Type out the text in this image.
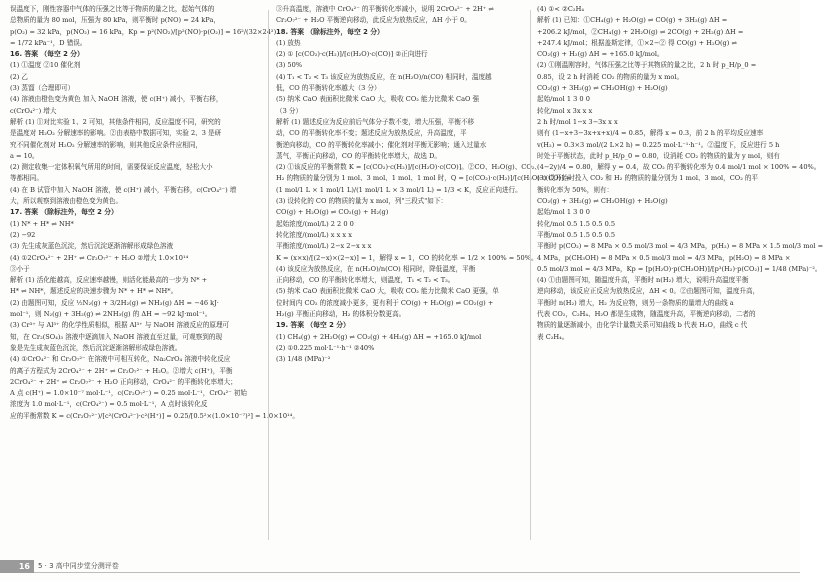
误温度下，刚性容器中气体的压强之比等于物质的量之比，起始气体的

总物质的量为 80 mol，压强为 80 kPa，则平衡时 p(NO) = 24 kPa，

p(O₂) = 32 kPa，p(NO₂) = 16 kPa，Kp = p²(NO₂)/[p²(NO)·p(O₂)] = 16²/(32×24²)

= 1/72 kPa⁻¹，D 错误。

16. 答案 （每空 2 分）

(1) ①温度 ②10 催化剂

(2) 乙

(3) 蒸馏（合理即可）

(4) 溶液由橙色变为黄色 加入 NaOH 溶液，使 c(H⁺) 减小，平衡右移，

c(CrO₄²⁻) 增大

解析 (1) ①对比实验 1、2 可知，其他条件相同，反应温度不同，研究的

是温度对 H₂O₂ 分解速率的影响。②由表格中数据可知，实验 2、3 是研

究不同催化剂对 H₂O₂ 分解速率的影响，则其他反应条件应相同，

a = 10。

(2) 测定收集一定体积氧气所用的时间，需要保证反应温度，轻松大小

等都相同。

(4) 在 B 试管中加入 NaOH 溶液，使 c(H⁺) 减小，平衡右移，c(CrO₄²⁻) 增

大，所以观察到溶液由橙色变为黄色。

17. 答案 （除标注外，每空 2 分）

(1) N* + H* ⇌ NH*

(2) −92

(3) 先生成灰蓝色沉淀，然后沉淀逐渐溶解形成绿色溶液

(4) ①2CrO₄²⁻ + 2H⁺ ⇌ Cr₂O₇²⁻ + H₂O ②增大 1.0×10¹⁴

③小于

解析 (1) 活化能越高，反应速率越慢，则活化能最高的一步为 N* +

H* ⇌ NH*，题述反应的决速步骤为 N* + H* ⇌ NH*。

(2) 由题图可知，反应 ½N₂(g) + 3/2H₂(g) ⇌ NH₃(g) ΔH = −46 kJ·

mol⁻¹，则 N₂(g) + 3H₂(g) ⇌ 2NH₃(g) 的 ΔH = −92 kJ·mol⁻¹。

(3) Cr³⁺ 与 Al³⁺ 的化学性质相似，根据 Al³⁺ 与 NaOH 溶液反应的原理可

知，在 Cr₂(SO₄)₃ 溶液中逐滴加入 NaOH 溶液直至过量，可观察到的现

象是先生成灰蓝色沉淀，然后沉淀逐渐溶解形成绿色溶液。

(4) ①CrO₄²⁻ 和 Cr₂O₇²⁻ 在溶液中可相互转化，Na₂CrO₄ 溶液中转化反应

的离子方程式为 2CrO₄²⁻ + 2H⁺ ⇌ Cr₂O₇²⁻ + H₂O。②增大 c(H⁺)，平衡

2CrO₄²⁻ + 2H⁺ ⇌ Cr₂O₇²⁻ + H₂O 正向移动，CrO₄²⁻ 的平衡转化率增大；

A 点 c(H⁺) = 1.0×10⁻⁷ mol·L⁻¹，c(Cr₂O₇²⁻) = 0.25 mol·L⁻¹，CrO₄²⁻ 初始

浓度为 1.0 mol·L⁻¹，c(CrO₄²⁻) = 0.5 mol·L⁻¹，A 点时该转化反

应的平衡常数 K = c(Cr₂O₇²⁻)/[c²(CrO₄²⁻)·c²(H⁺)] = 0.25/[0.5²×(1.0×10⁻⁷)²] = 1.0×10¹⁴。

③升高温度，溶液中 CrO₄²⁻ 的平衡转化率减小，说明 2CrO₄²⁻ + 2H⁺ ⇌

Cr₂O₇²⁻ + H₂O 平衡逆向移动，此反应为放热反应，ΔH 小于 0。

18. 答案 （除标注外，每空 2 分）

(1) 放热

(2) ① [c(CO₂)·c(H₂)]/[c(H₂O)·c(CO)] ②正向进行

(3) 50%

(4) T₁ < T₂ < T₃ 该反应为放热反应，在 n(H₂O)/n(CO) 相同时，温度越

低，CO 的平衡转化率越大（3 分）

(5) 纳米 CaO 表面积比微米 CaO 大，吸收 CO₂ 能力比微米 CaO 强

（3 分）

解析 (1) 题述反应为反应前后气体分子数不变，增大压强，平衡不移

动，CO 的平衡转化率不变；题述反应为放热反应，升高温度，平

衡逆向移动，CO 的平衡转化率减小；催化剂对平衡无影响；通入过量水

蒸气，平衡正向移动，CO 的平衡转化率增大，故选 D。

(2) ①该反应的平衡常数 K = [c(CO₂)·c(H₂)]/[c(H₂O)·c(CO)]。②CO、H₂O(g)、CO₂、

H₂ 的物质的量分别为 1 mol、3 mol、1 mol、1 mol 时，Q = [c(CO₂)·c(H₂)]/[c(H₂O)·c(CO)] =

(1 mol/1 L × 1 mol/1 L)/(1 mol/1 L × 3 mol/1 L) = 1/3 < K，反应正向进行。

(3) 设转化的 CO 的物质的量为 x mol，列"三段式"如下：

CO(g) + H₂O(g) ⇌ CO₂(g) + H₂(g)

起始浓度/(mol/L) 2 2 0 0

转化浓度/(mol/L) x x x x

平衡浓度/(mol/L) 2−x 2−x x x

K = (x×x)/[(2−x)×(2−x)] = 1，解得 x = 1，CO 的转化率 = 1/2 × 100% = 50%。

(4) 该反应为放热反应，在 n(H₂O)/n(CO) 相同时，降低温度，平衡

正向移动，CO 的平衡转化率增大，则温度，T₁ < T₂ < T₃。

(5) 纳米 CaO 表面积比微米 CaO 大，吸收 CO₂ 能力比微米 CaO 更强，单

位时间内 CO₂ 的浓度减小更多，更有利于 CO(g) + H₂O(g) ⇌ CO₂(g) +

H₂(g) 平衡正向移动，H₂ 的体积分数更高。

19. 答案 （每空 2 分）

(1) CH₄(g) + 2H₂O(g) ⇌ CO₂(g) + 4H₂(g) ΔH = +165.0 kJ/mol

(2) ①0.225 mol·L⁻¹·h⁻¹ ②40%

(3) 1/48 (MPa)⁻²

(4) ①< ②C₂H₄

解析 (1) 已知：①CH₄(g) + H₂O(g) ⇌ CO(g) + 3H₂(g) ΔH =

+206.2 kJ/mol，②CH₄(g) + 2H₂O(g) ⇌ 2CO(g) + 2H₂(g) ΔH =

+247.4 kJ/mol；根据盖斯定律，①×2−② 得 CO(g) + H₂O(g) ⇌

CO₂(g) + H₂(g) ΔH = +165.0 kJ/mol。

(2) ①刚温刚容时，气体压强之比等于其物质的量之比，2 h 时 p_H/p_0 =

0.85，设 2 h 时消耗 CO₂ 的物质的量为 x mol。

CO₂(g) + 3H₂(g) ⇌ CH₃OH(g) + H₂O(g)

起始/mol 1 3 0 0

转化/mol x 3x x x

2 h 时/mol 1−x 3−3x x x

则有 (1−x+3−3x+x+x)/4 = 0.85，解得 x = 0.3，前 2 h 的平均反应速率

v(H₂) = 0.3×3 mol/(2 L×2 h) = 0.225 mol·L⁻¹·h⁻¹。②温度下，反应进行 5 h

时处于平衡状态，此时 p_H/p_0 = 0.80，设消耗 CO₂ 的物质的量为 y mol，则有

(4−2y)/4 = 0.80，解得 y = 0.4，故 CO₂ 的平衡转化率为 0.4 mol/1 mol × 100% = 40%。

(3) 设开始时投入 CO₂ 和 H₂ 的物质的量分别为 1 mol、3 mol，CO₂ 的平

衡转化率为 50%，则有：

CO₂(g) + 3H₂(g) ⇌ CH₃OH(g) + H₂O(g)

起始/mol 1 3 0 0

转化/mol 0.5 1.5 0.5 0.5

平衡/mol 0.5 1.5 0.5 0.5

平衡时 p(CO₂) = 8 MPa × 0.5 mol/3 mol = 4/3 MPa，p(H₂) = 8 MPa × 1.5 mol/3 mol =

4 MPa，p(CH₃OH) = 8 MPa × 0.5 mol/3 mol = 4/3 MPa，p(H₂O) = 8 MPa ×

0.5 mol/3 mol = 4/3 MPa，Kp = [p(H₂O)·p(CH₃OH)]/[p³(H₂)·p(CO₂)] = 1/48 (MPa)⁻²。

(4) ①由题图可知，随温度升高，平衡时 n(H₂) 增大，说明升高温度平衡

逆向移动，该反应正反应为放热反应，ΔH < 0。②由题图可知，温度升高，

平衡时 n(H₂) 增大，H₂ 为反应物，则另一条物质的量增大的曲线 a

代表 CO₂，C₂H₄、H₂O 都是生成物，随温度升高，平衡逆向移动，二者的

物质的量逐渐减小，由化学计量数关系可知曲线 b 代表 H₂O，曲线 c 代

表 C₂H₄。

16	5 · 3 高中同步堂分测评卷
